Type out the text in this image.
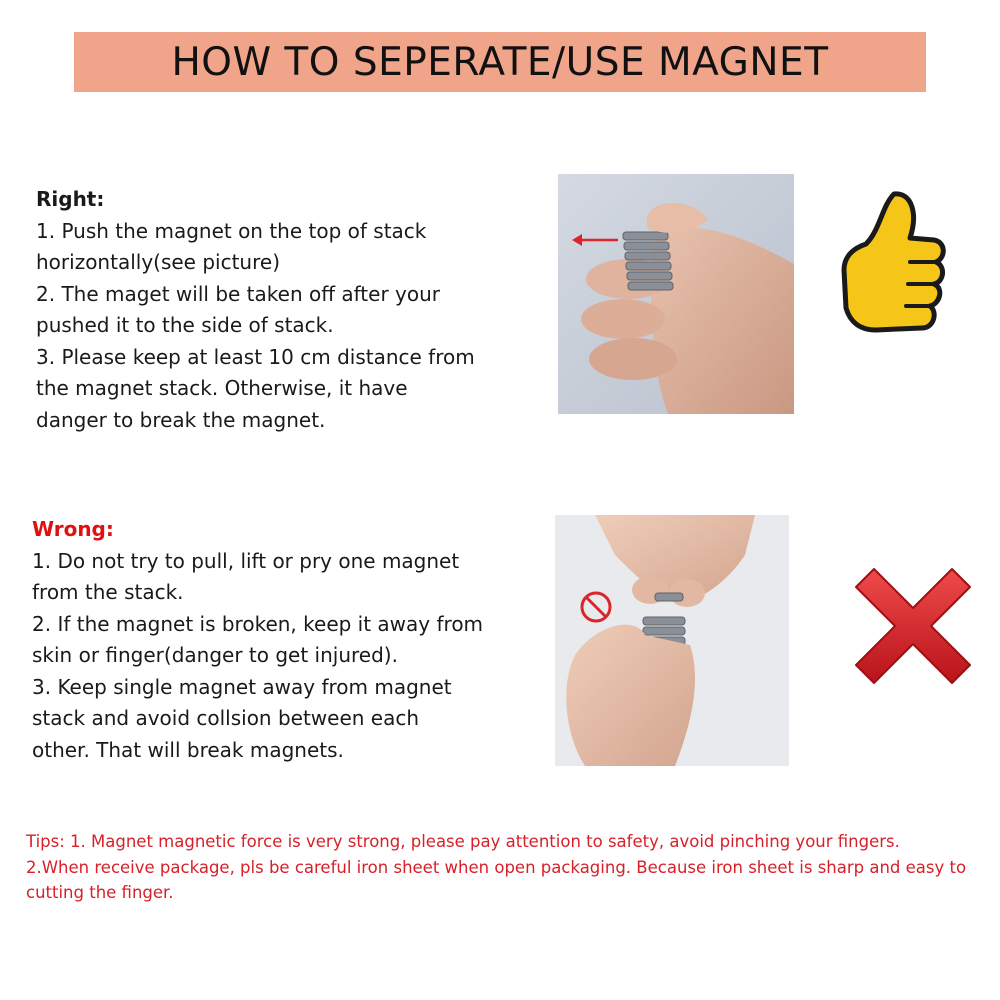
HOW TO SEPERATE/USE MAGNET

Right:

1. Push the magnet on the top of stack

horizontally(see picture)

2. The maget will be taken off after your

pushed it to the side of stack.

3. Please keep at least 10 cm distance from

the magnet stack. Otherwise, it have

danger to break the magnet.

Wrong:

1. Do not try to pull, lift or pry one magnet

from the stack.

2. If the magnet is broken, keep it away from

skin or finger(danger to get injured).

3. Keep single magnet away from magnet

stack and avoid collsion between each

other. That will break magnets.

Tips: 1. Magnet magnetic force is very strong, please pay attention to safety, avoid pinching your fingers.

2.When receive package, pls be careful iron sheet when open packaging. Because iron sheet is sharp and easy to

cutting the finger.
